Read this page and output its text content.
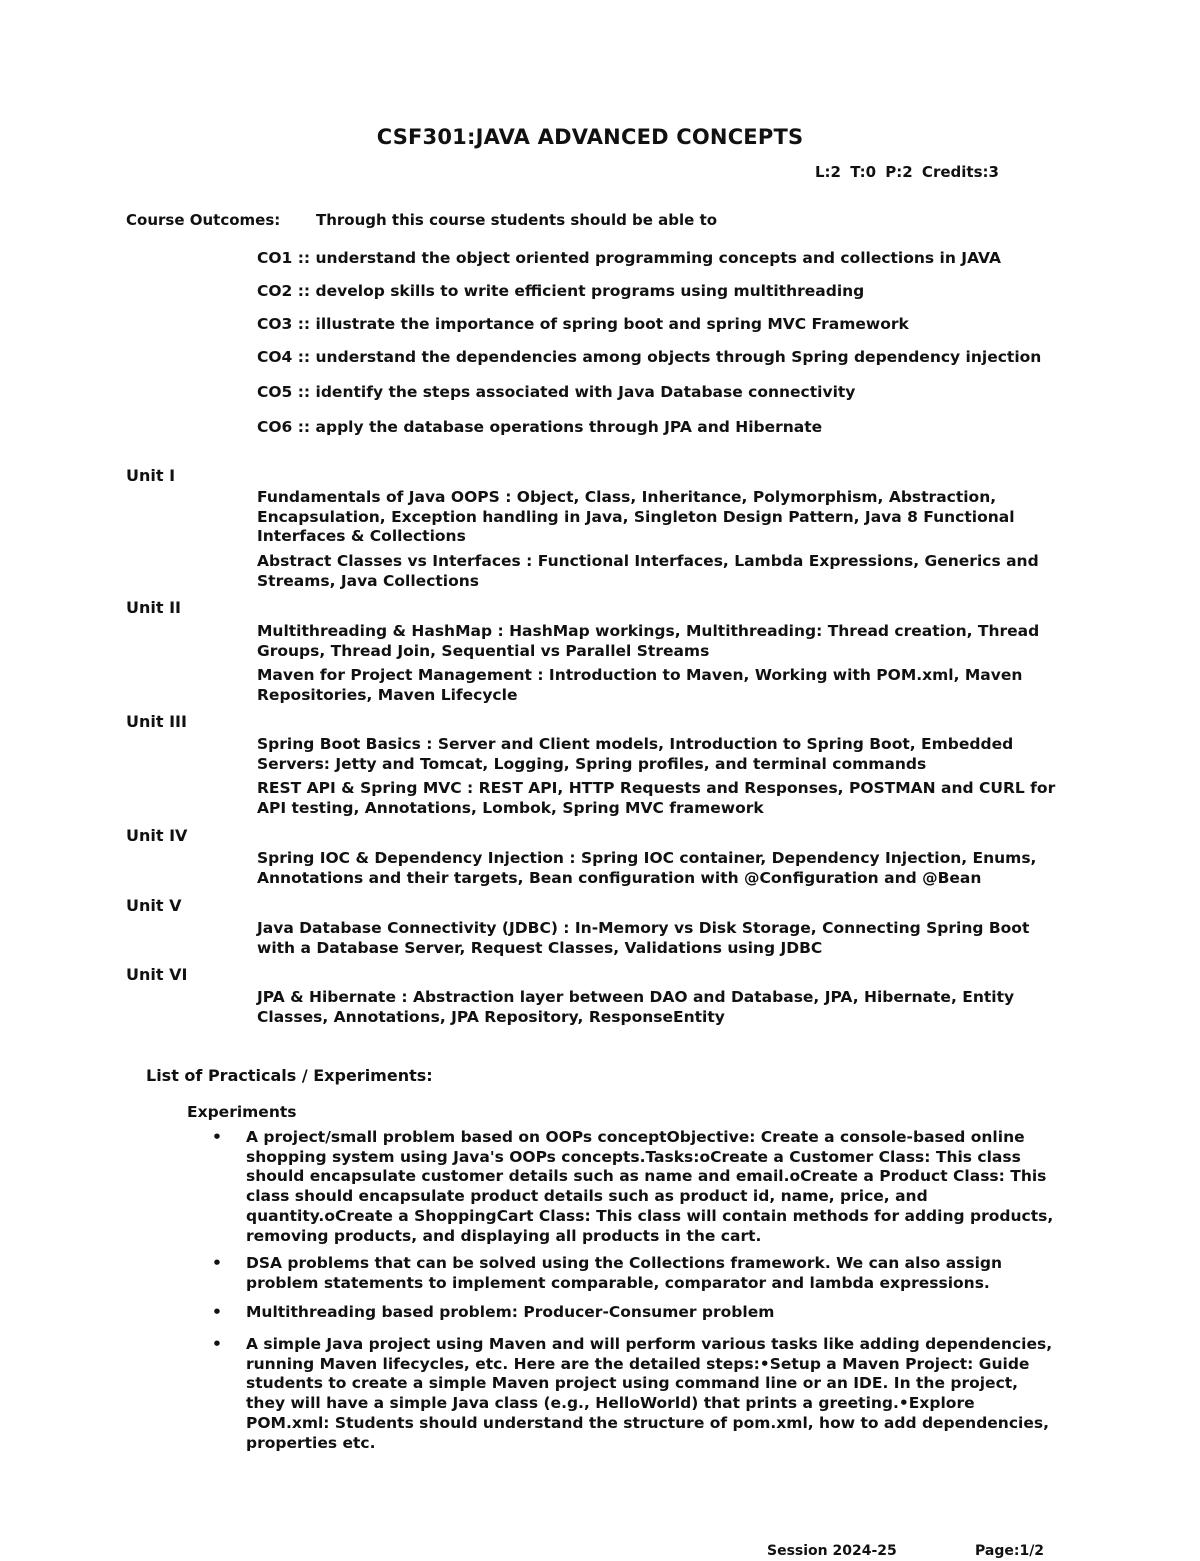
CSF301:JAVA ADVANCED CONCEPTS
L:2 T:0 P:2 Credits:3
Course Outcomes: Through this course students should be able to
CO1 :: understand the object oriented programming concepts and collections in JAVA
CO2 :: develop skills to write efficient programs using multithreading
CO3 :: illustrate the importance of spring boot and spring MVC Framework
CO4 :: understand the dependencies among objects through Spring dependency injection
CO5 :: identify the steps associated with Java Database connectivity
CO6 :: apply the database operations through JPA and Hibernate
Unit I
Fundamentals of Java OOPS : Object, Class, Inheritance, Polymorphism, Abstraction, Encapsulation, Exception handling in Java, Singleton Design Pattern, Java 8 Functional Interfaces & Collections
Abstract Classes vs Interfaces : Functional Interfaces, Lambda Expressions, Generics and Streams, Java Collections
Unit II
Multithreading & HashMap : HashMap workings, Multithreading: Thread creation, Thread Groups, Thread Join, Sequential vs Parallel Streams
Maven for Project Management : Introduction to Maven, Working with POM.xml, Maven Repositories, Maven Lifecycle
Unit III
Spring Boot Basics : Server and Client models, Introduction to Spring Boot, Embedded Servers: Jetty and Tomcat, Logging, Spring profiles, and terminal commands
REST API & Spring MVC : REST API, HTTP Requests and Responses, POSTMAN and CURL for API testing, Annotations, Lombok, Spring MVC framework
Unit IV
Spring IOC & Dependency Injection : Spring IOC container, Dependency Injection, Enums, Annotations and their targets, Bean configuration with @Configuration and @Bean
Unit V
Java Database Connectivity (JDBC) : In-Memory vs Disk Storage, Connecting Spring Boot with a Database Server, Request Classes, Validations using JDBC
Unit VI
JPA & Hibernate : Abstraction layer between DAO and Database, JPA, Hibernate, Entity Classes, Annotations, JPA Repository, ResponseEntity
List of Practicals / Experiments:
Experiments
• A project/small problem based on OOPs conceptObjective: Create a console-based online shopping system using Java's OOPs concepts.Tasks:oCreate a Customer Class: This class should encapsulate customer details such as name and email.oCreate a Product Class: This class should encapsulate product details such as product id, name, price, and quantity.oCreate a ShoppingCart Class: This class will contain methods for adding products, removing products, and displaying all products in the cart.
• DSA problems that can be solved using the Collections framework. We can also assign problem statements to implement comparable, comparator and lambda expressions.
• Multithreading based problem: Producer-Consumer problem
• A simple Java project using Maven and will perform various tasks like adding dependencies, running Maven lifecycles, etc. Here are the detailed steps:•Setup a Maven Project: Guide students to create a simple Maven project using command line or an IDE. In the project, they will have a simple Java class (e.g., HelloWorld) that prints a greeting.•Explore POM.xml: Students should understand the structure of pom.xml, how to add dependencies, properties etc.
Session 2024-25	Page:1/2
